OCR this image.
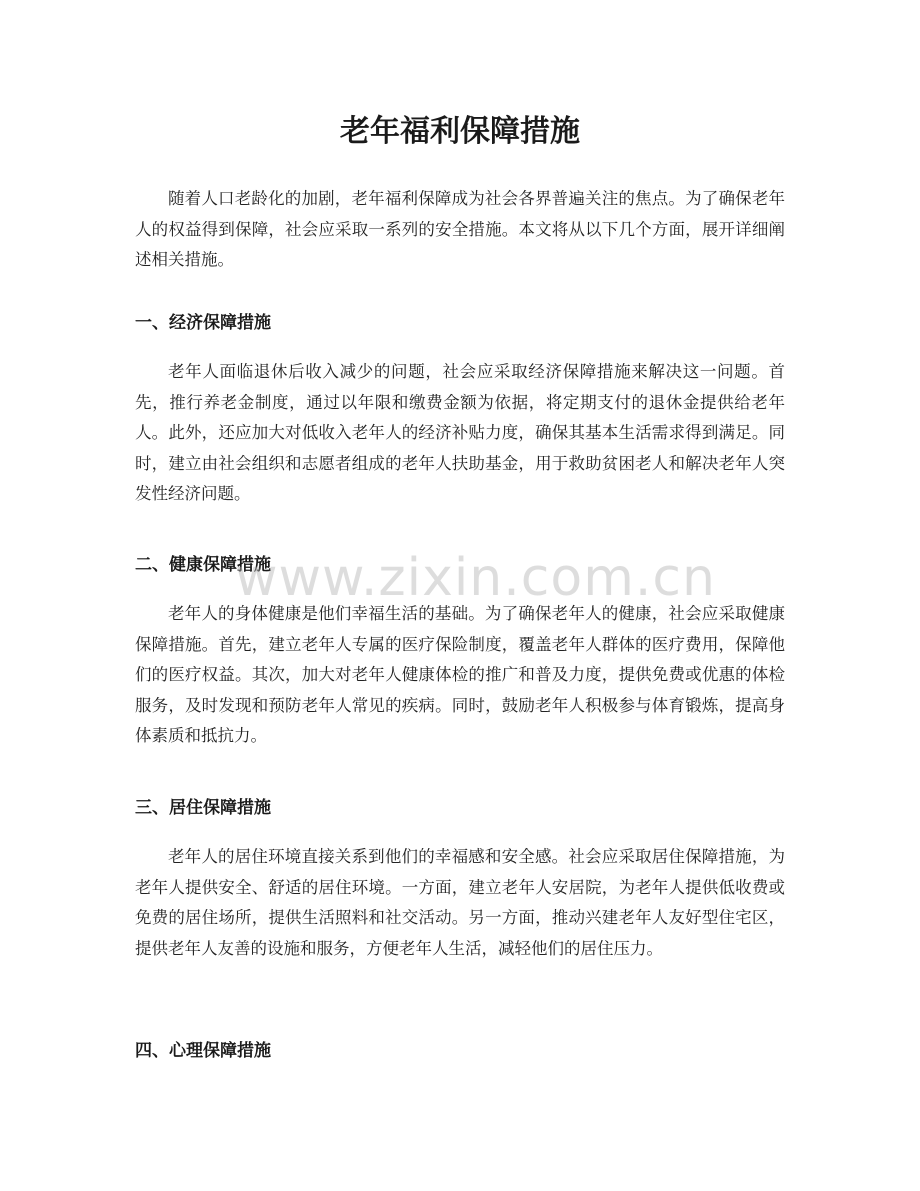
老年福利保障措施

随着人口老龄化的加剧，老年福利保障成为社会各界普遍关注的焦点。为了确保老年人的权益得到保障，社会应采取一系列的安全措施。本文将从以下几个方面，展开详细阐述相关措施。

一、经济保障措施

老年人面临退休后收入减少的问题，社会应采取经济保障措施来解决这一问题。首先，推行养老金制度，通过以年限和缴费金额为依据，将定期支付的退休金提供给老年人。此外，还应加大对低收入老年人的经济补贴力度，确保其基本生活需求得到满足。同时，建立由社会组织和志愿者组成的老年人扶助基金，用于救助贫困老人和解决老年人突发性经济问题。

二、健康保障措施

老年人的身体健康是他们幸福生活的基础。为了确保老年人的健康，社会应采取健康保障措施。首先，建立老年人专属的医疗保险制度，覆盖老年人群体的医疗费用，保障他们的医疗权益。其次，加大对老年人健康体检的推广和普及力度，提供免费或优惠的体检服务，及时发现和预防老年人常见的疾病。同时，鼓励老年人积极参与体育锻炼，提高身体素质和抵抗力。

三、居住保障措施

老年人的居住环境直接关系到他们的幸福感和安全感。社会应采取居住保障措施，为老年人提供安全、舒适的居住环境。一方面，建立老年人安居院，为老年人提供低收费或免费的居住场所，提供生活照料和社交活动。另一方面，推动兴建老年人友好型住宅区，提供老年人友善的设施和服务，方便老年人生活，减轻他们的居住压力。

四、心理保障措施
www.zixin.com.cn
